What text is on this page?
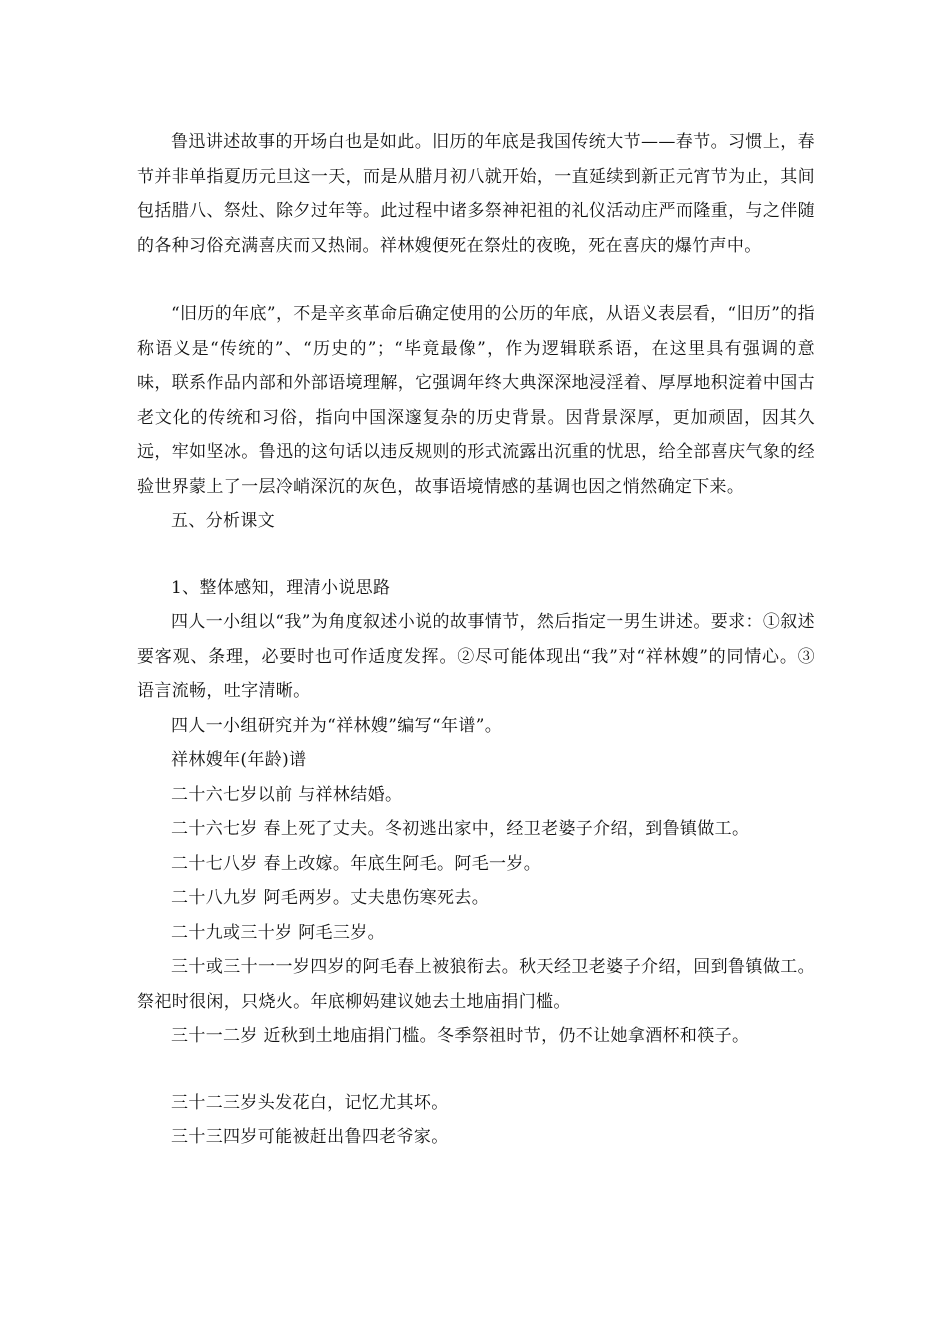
鲁迅讲述故事的开场白也是如此。旧历的年底是我国传统大节——春节。习惯上，春节并非单指夏历元旦这一天，而是从腊月初八就开始，一直延续到新正元宵节为止，其间包括腊八、祭灶、除夕过年等。此过程中诸多祭神祀祖的礼仪活动庄严而隆重，与之伴随的各种习俗充满喜庆而又热闹。祥林嫂便死在祭灶的夜晚，死在喜庆的爆竹声中。

“旧历的年底”，不是辛亥革命后确定使用的公历的年底，从语义表层看，“旧历”的指称语义是“传统的”、“历史的”；“毕竟最像”，作为逻辑联系语，在这里具有强调的意味，联系作品内部和外部语境理解，它强调年终大典深深地浸淫着、厚厚地积淀着中国古老文化的传统和习俗，指向中国深邃复杂的历史背景。因背景深厚，更加顽固，因其久远，牢如坚冰。鲁迅的这句话以违反规则的形式流露出沉重的忧思，给全部喜庆气象的经验世界蒙上了一层冷峭深沉的灰色，故事语境情感的基调也因之悄然确定下来。

五、分析课文

1、整体感知，理清小说思路

四人一小组以“我”为角度叙述小说的故事情节，然后指定一男生讲述。要求：①叙述要客观、条理，必要时也可作适度发挥。②尽可能体现出“我”对“祥林嫂”的同情心。③语言流畅，吐字清晰。

四人一小组研究并为“祥林嫂”编写“年谱”。

祥林嫂年(年龄)谱

二十六七岁以前 与祥林结婚。

二十六七岁 春上死了丈夫。冬初逃出家中，经卫老婆子介绍，到鲁镇做工。

二十七八岁 春上改嫁。年底生阿毛。阿毛一岁。

二十八九岁 阿毛两岁。丈夫患伤寒死去。

二十九或三十岁 阿毛三岁。

三十或三十一一岁四岁的阿毛春上被狼衔去。秋天经卫老婆子介绍，回到鲁镇做工。祭祀时很闲，只烧火。年底柳妈建议她去土地庙捐门槛。

三十一二岁 近秋到土地庙捐门槛。冬季祭祖时节，仍不让她拿酒杯和筷子。

三十二三岁头发花白，记忆尤其坏。

三十三四岁可能被赶出鲁四老爷家。
